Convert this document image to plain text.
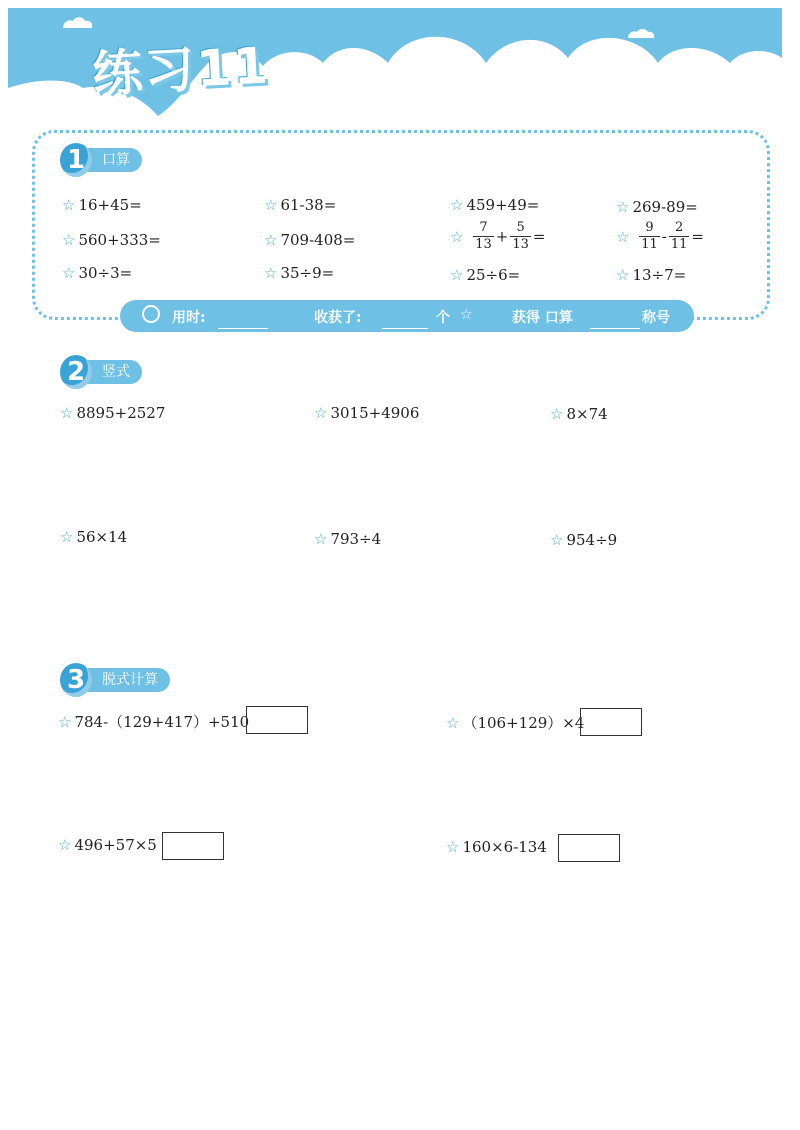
练习11
口算
1
☆ 16+45=	☆ 61-38=	☆ 459+49=	☆ 269-89=
☆ 560+333=	☆ 709-408=	☆ $\frac{7}{13} + \frac{5}{13}$ =	☆ $\frac{9}{11} - \frac{2}{11}$ =
☆ 30÷3=	☆ 35÷9=	☆ 25÷6=	☆ 13÷7=
用时:	收获了:	个 ☆	获得 口算	称号
竖式
2
☆ 8895+2527	☆ 3015+4906	☆ 8×74
☆ 56×14	☆ 793÷4	☆ 954÷9
脱式计算
3
☆ 784-（129+417）+510	☆ （106+129）×4
☆ 496+57×5	☆ 160×6-134
